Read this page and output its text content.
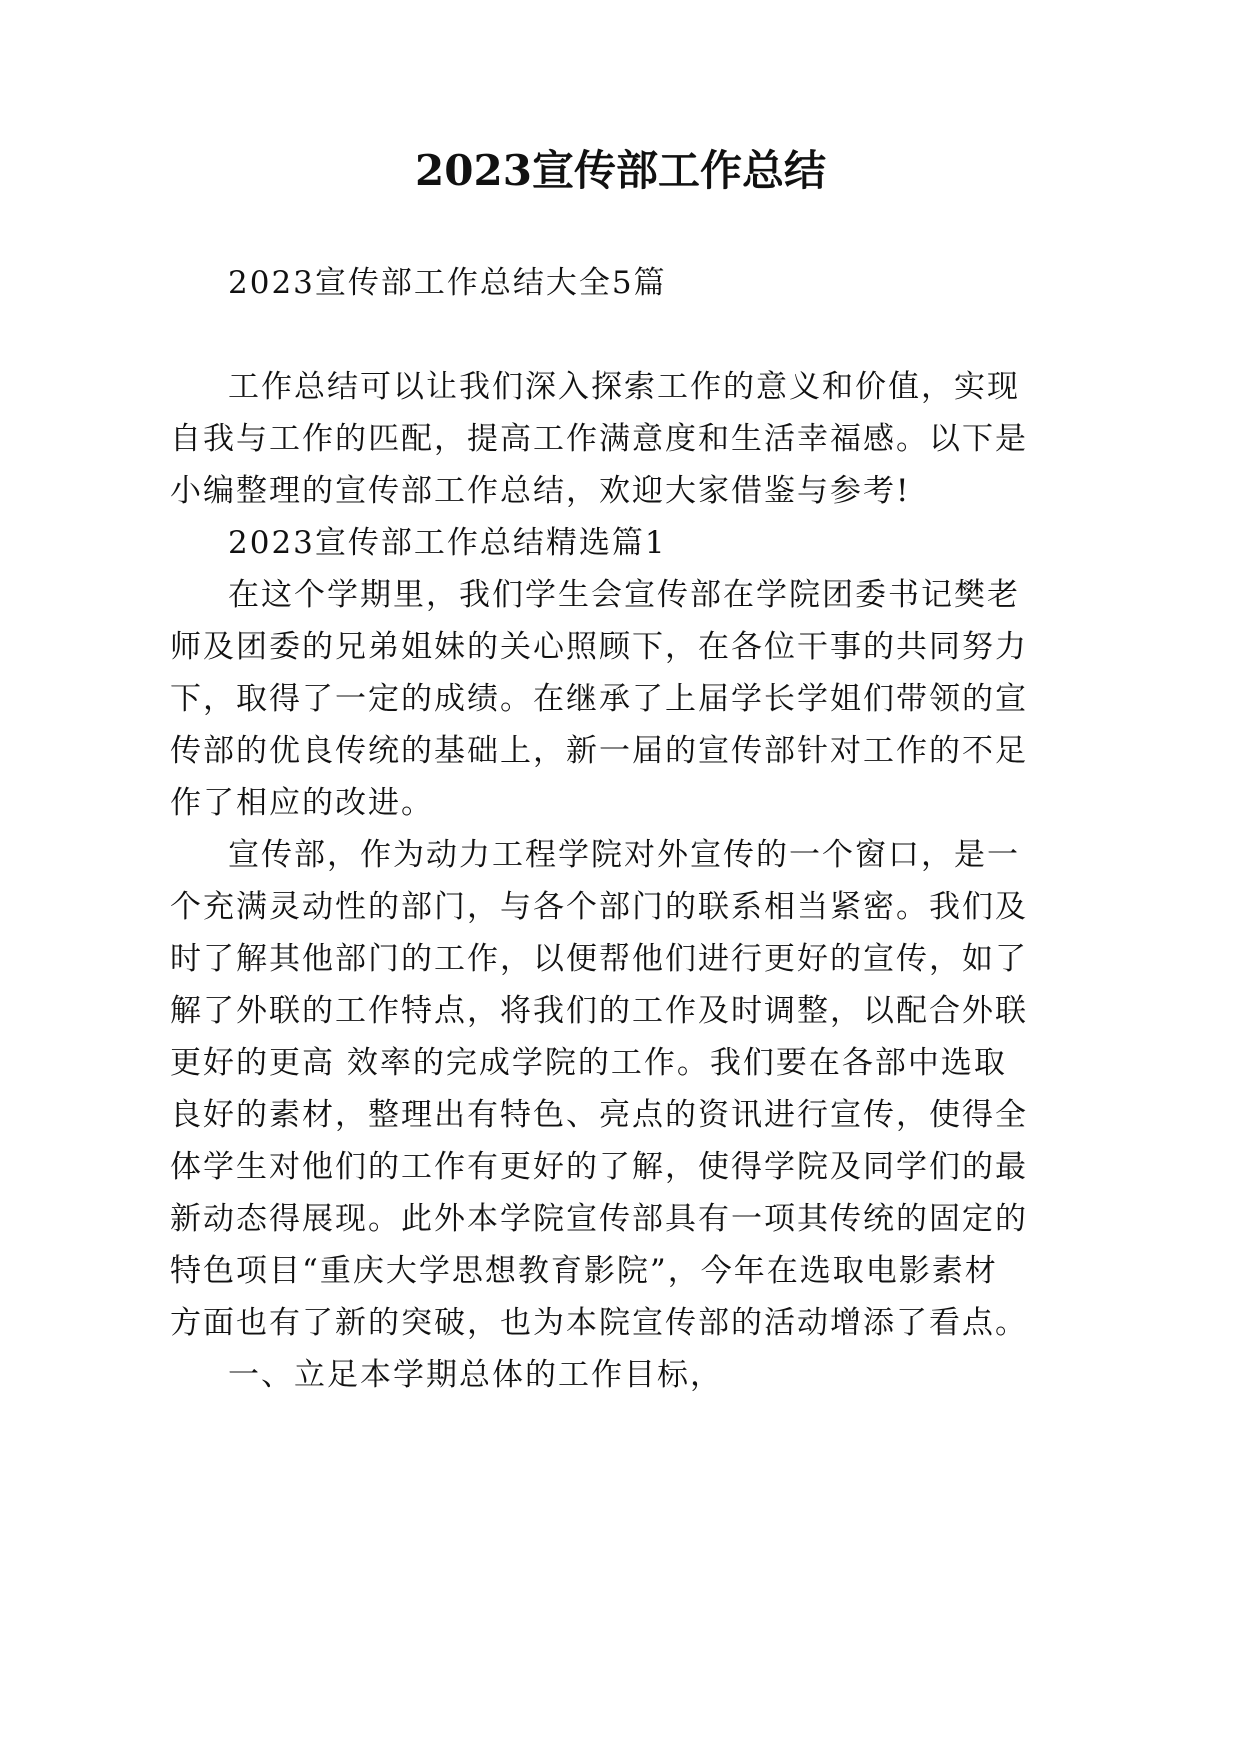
2023宣传部工作总结
2023宣传部工作总结大全5篇
工作总结可以让我们深入探索工作的意义和价值，实现
自我与工作的匹配，提高工作满意度和生活幸福感。以下是
小编整理的宣传部工作总结，欢迎大家借鉴与参考!
2023宣传部工作总结精选篇1
在这个学期里，我们学生会宣传部在学院团委书记樊老
师及团委的兄弟姐妹的关心照顾下，在各位干事的共同努力
下，取得了一定的成绩。在继承了上届学长学姐们带领的宣
传部的优良传统的基础上，新一届的宣传部针对工作的不足
作了相应的改进。
宣传部，作为动力工程学院对外宣传的一个窗口，是一
个充满灵动性的部门，与各个部门的联系相当紧密。我们及
时了解其他部门的工作，以便帮他们进行更好的宣传，如了
解了外联的工作特点，将我们的工作及时调整，以配合外联
更好的更高 效率的完成学院的工作。我们要在各部中选取
良好的素材，整理出有特色、亮点的资讯进行宣传，使得全
体学生对他们的工作有更好的了解，使得学院及同学们的最
新动态得展现。此外本学院宣传部具有一项其传统的固定的
特色项目“重庆大学思想教育影院”，今年在选取电影素材
方面也有了新的突破，也为本院宣传部的活动增添了看点。
一、立足本学期总体的工作目标，
